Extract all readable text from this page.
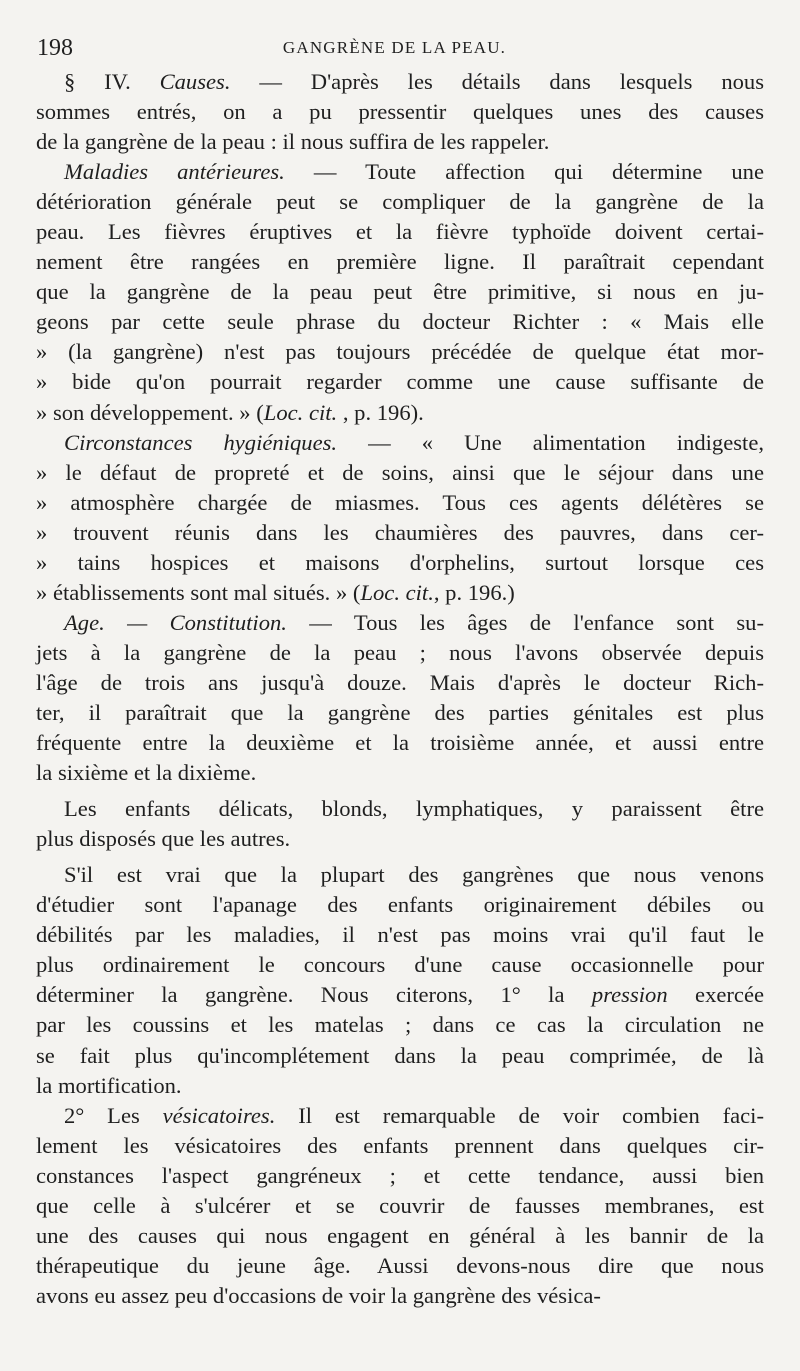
198	GANGRÈNE DE LA PEAU.

§ IV. Causes. — D'après les détails dans lesquels nous
sommes entrés, on a pu pressentir quelques unes des causes
de la gangrène de la peau : il nous suffira de les rappeler.

Maladies antérieures. — Toute affection qui détermine une
détérioration générale peut se compliquer de la gangrène de la
peau. Les fièvres éruptives et la fièvre typhoïde doivent certai-
nement être rangées en première ligne. Il paraîtrait cependant
que la gangrène de la peau peut être primitive, si nous en ju-
geons par cette seule phrase du docteur Richter : « Mais elle
» (la gangrène) n'est pas toujours précédée de quelque état mor-
» bide qu'on pourrait regarder comme une cause suffisante de
» son développement. » (Loc. cit. , p. 196).

Circonstances hygiéniques. — « Une alimentation indigeste,
» le défaut de propreté et de soins, ainsi que le séjour dans une
» atmosphère chargée de miasmes. Tous ces agents délétères se
» trouvent réunis dans les chaumières des pauvres, dans cer-
» tains hospices et maisons d'orphelins, surtout lorsque ces
» établissements sont mal situés. » (Loc. cit., p. 196.)

Age. — Constitution. — Tous les âges de l'enfance sont su-
jets à la gangrène de la peau ; nous l'avons observée depuis
l'âge de trois ans jusqu'à douze. Mais d'après le docteur Rich-
ter, il paraîtrait que la gangrène des parties génitales est plus
fréquente entre la deuxième et la troisième année, et aussi entre
la sixième et la dixième.

Les enfants délicats, blonds, lymphatiques, y paraissent être
plus disposés que les autres.

S'il est vrai que la plupart des gangrènes que nous venons
d'étudier sont l'apanage des enfants originairement débiles ou
débilités par les maladies, il n'est pas moins vrai qu'il faut le
plus ordinairement le concours d'une cause occasionnelle pour
déterminer la gangrène. Nous citerons, 1° la pression exercée
par les coussins et les matelas ; dans ce cas la circulation ne
se fait plus qu'incomplétement dans la peau comprimée, de là
la mortification.

2° Les vésicatoires. Il est remarquable de voir combien faci-
lement les vésicatoires des enfants prennent dans quelques cir-
constances l'aspect gangréneux ; et cette tendance, aussi bien
que celle à s'ulcérer et se couvrir de fausses membranes, est
une des causes qui nous engagent en général à les bannir de la
thérapeutique du jeune âge. Aussi devons-nous dire que nous
avons eu assez peu d'occasions de voir la gangrène des vésica-
